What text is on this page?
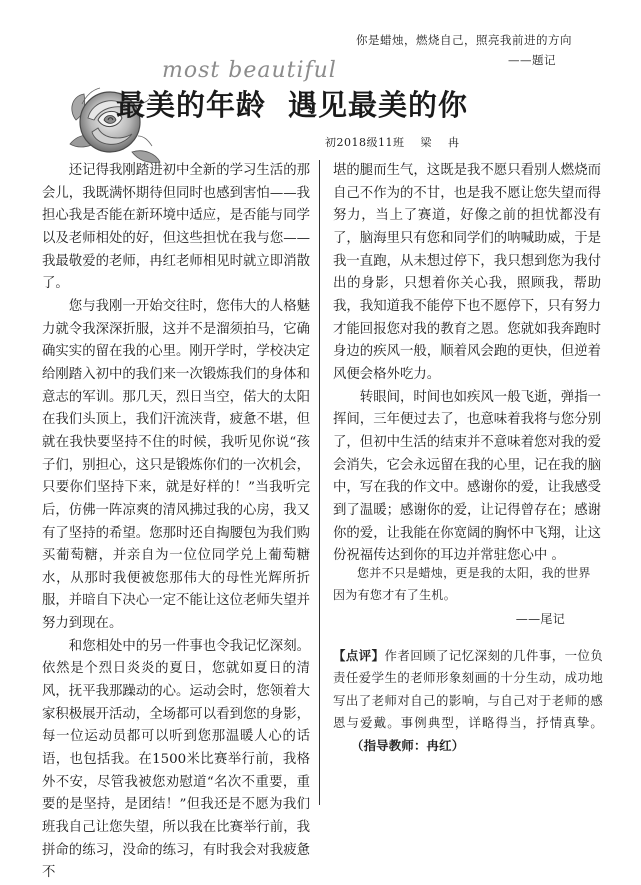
你是蜡烛，燃烧自己，照亮我前进的方向
——题记
most beautiful
最美的年龄 遇见最美的你
初2018级11班    梁    冉

还记得我刚踏进初中全新的学习生活的那会儿，我既满怀期待但同时也感到害怕——我担心我是否能在新环境中适应，是否能与同学以及老师相处的好，但这些担忧在我与您——我最敬爱的老师，冉红老师相见时就立即消散了。

您与我刚一开始交往时，您伟大的人格魅力就令我深深折服，这并不是溜须拍马，它确确实实的留在我的心里。刚开学时，学校决定给刚踏入初中的我们来一次锻炼我们的身体和意志的军训。那几天，烈日当空，偌大的太阳在我们头顶上，我们汗流浃背，疲惫不堪，但就在我快要坚持不住的时候，我听见你说“孩子们，别担心，这只是锻炼你们的一次机会，只要你们坚持下来，就是好样的！”当我听完后，仿佛一阵凉爽的清风拂过我的心房，我又有了坚持的希望。您那时还自掏腰包为我们购买葡萄糖，并亲自为一位位同学兑上葡萄糖水，从那时我便被您那伟大的母性光辉所折服，并暗自下决心一定不能让这位老师失望并努力到现在。

和您相处中的另一件事也令我记忆深刻。依然是个烈日炎炎的夏日，您就如夏日的清风，抚平我那躁动的心。运动会时，您领着大家积极展开活动，全场都可以看到您的身影，每一位运动员都可以听到您那温暖人心的话语，也包括我。在1500米比赛举行前，我格外不安，尽管我被您劝慰道“名次不重要，重要的是坚持，是团结！”但我还是不愿为我们班我自己让您失望，所以我在比赛举行前，我拼命的练习，没命的练习，有时我会对我疲惫不

堪的腿而生气，这既是我不愿只看别人燃烧而自己不作为的不甘，也是我不愿让您失望而得努力，当上了赛道，好像之前的担忧都没有了，脑海里只有您和同学们的呐喊助威，于是我一直跑，从未想过停下，我只想到您为我付出的身影，只想着你关心我，照顾我，帮助我，我知道我不能停下也不愿停下，只有努力才能回报您对我的教育之恩。您就如我奔跑时身边的疾风一般，顺着风会跑的更快，但逆着风便会格外吃力。

转眼间，时间也如疾风一般飞逝，弹指一挥间，三年便过去了，也意味着我将与您分别了，但初中生活的结束并不意味着您对我的爱会消失，它会永远留在我的心里，记在我的脑中，写在我的作文中。感谢你的爱，让我感受到了温暖；感谢你的爱，让记得曾存在；感谢你的爱，让我能在你宽阔的胸怀中飞翔，让这份祝福传达到你的耳边并常驻您心中 。

您并不只是蜡烛，更是我的太阳，我的世界因为有您才有了生机。

——尾记
【点评】作者回顾了记忆深刻的几件事，一位负责任爱学生的老师形象刻画的十分生动，成功地写出了老师对自己的影响，与自己对于老师的感恩与爱戴。事例典型，详略得当，抒情真挚。（指导教师：冉红）
